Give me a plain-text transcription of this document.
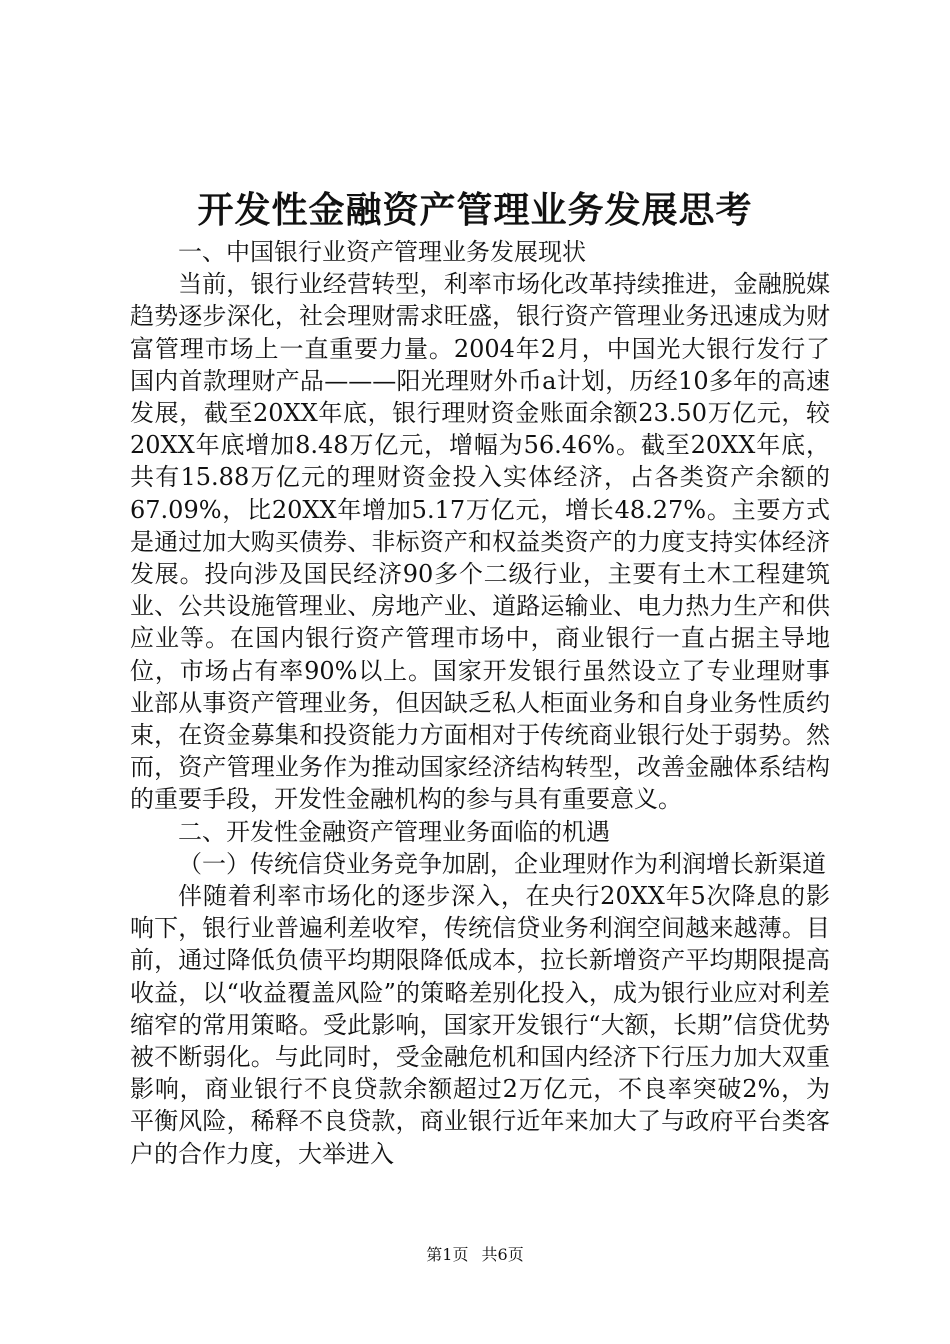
开发性金融资产管理业务发展思考

一、中国银行业资产管理业务发展现状

当前，银行业经营转型，利率市场化改革持续推进，金融脱媒趋势逐步深化，社会理财需求旺盛，银行资产管理业务迅速成为财富管理市场上一直重要力量。2004年2月，中国光大银行发行了国内首款理财产品———阳光理财外币a计划，历经10多年的高速发展，截至20XX年底，银行理财资金账面余额23.50万亿元，较20XX年底增加8.48万亿元，增幅为56.46%。截至20XX年底，共有15.88万亿元的理财资金投入实体经济，占各类资产余额的67.09%，比20XX年增加5.17万亿元，增长48.27%。主要方式是通过加大购买债券、非标资产和权益类资产的力度支持实体经济发展。投向涉及国民经济90多个二级行业，主要有土木工程建筑业、公共设施管理业、房地产业、道路运输业、电力热力生产和供应业等。在国内银行资产管理市场中，商业银行一直占据主导地位，市场占有率90%以上。国家开发银行虽然设立了专业理财事业部从事资产管理业务，但因缺乏私人柜面业务和自身业务性质约束，在资金募集和投资能力方面相对于传统商业银行处于弱势。然而，资产管理业务作为推动国家经济结构转型，改善金融体系结构的重要手段，开发性金融机构的参与具有重要意义。

二、开发性金融资产管理业务面临的机遇

（一）传统信贷业务竞争加剧，企业理财作为利润增长新渠道

伴随着利率市场化的逐步深入，在央行20XX年5次降息的影响下，银行业普遍利差收窄，传统信贷业务利润空间越来越薄。目前，通过降低负债平均期限降低成本，拉长新增资产平均期限提高收益，以“收益覆盖风险”的策略差别化投入，成为银行业应对利差缩窄的常用策略。受此影响，国家开发银行“大额，长期”信贷优势被不断弱化。与此同时，受金融危机和国内经济下行压力加大双重影响，商业银行不良贷款余额超过2万亿元，不良率突破2%，为平衡风险，稀释不良贷款，商业银行近年来加大了与政府平台类客户的合作力度，大举进入

第1页 共6页
